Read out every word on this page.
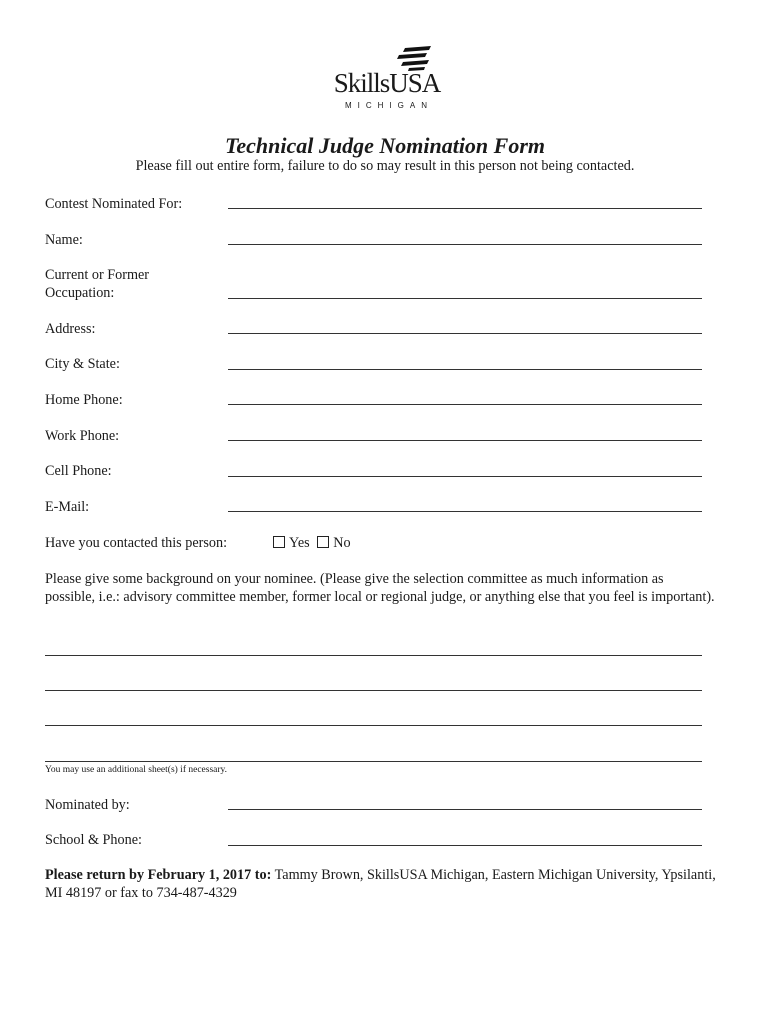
SkillsUSA
MICHIGAN
Technical Judge Nomination Form
Please fill out entire form, failure to do so may result in this person not being contacted.
Contest Nominated For:
Name:
Current or Former
Occupation:
Address:
City & State:
Home Phone:
Work Phone:
Cell Phone:
E-Mail:
Have you contacted this person:	Yes No
Please give some background on your nominee. (Please give the selection committee as much information as possible, i.e.: advisory committee member, former local or regional judge, or anything else that you feel is important).
You may use an additional sheet(s) if necessary.
Nominated by:
School & Phone:
Please return by February 1, 2017 to: Tammy Brown, SkillsUSA Michigan, Eastern Michigan University, Ypsilanti, MI 48197 or fax to 734-487-4329
